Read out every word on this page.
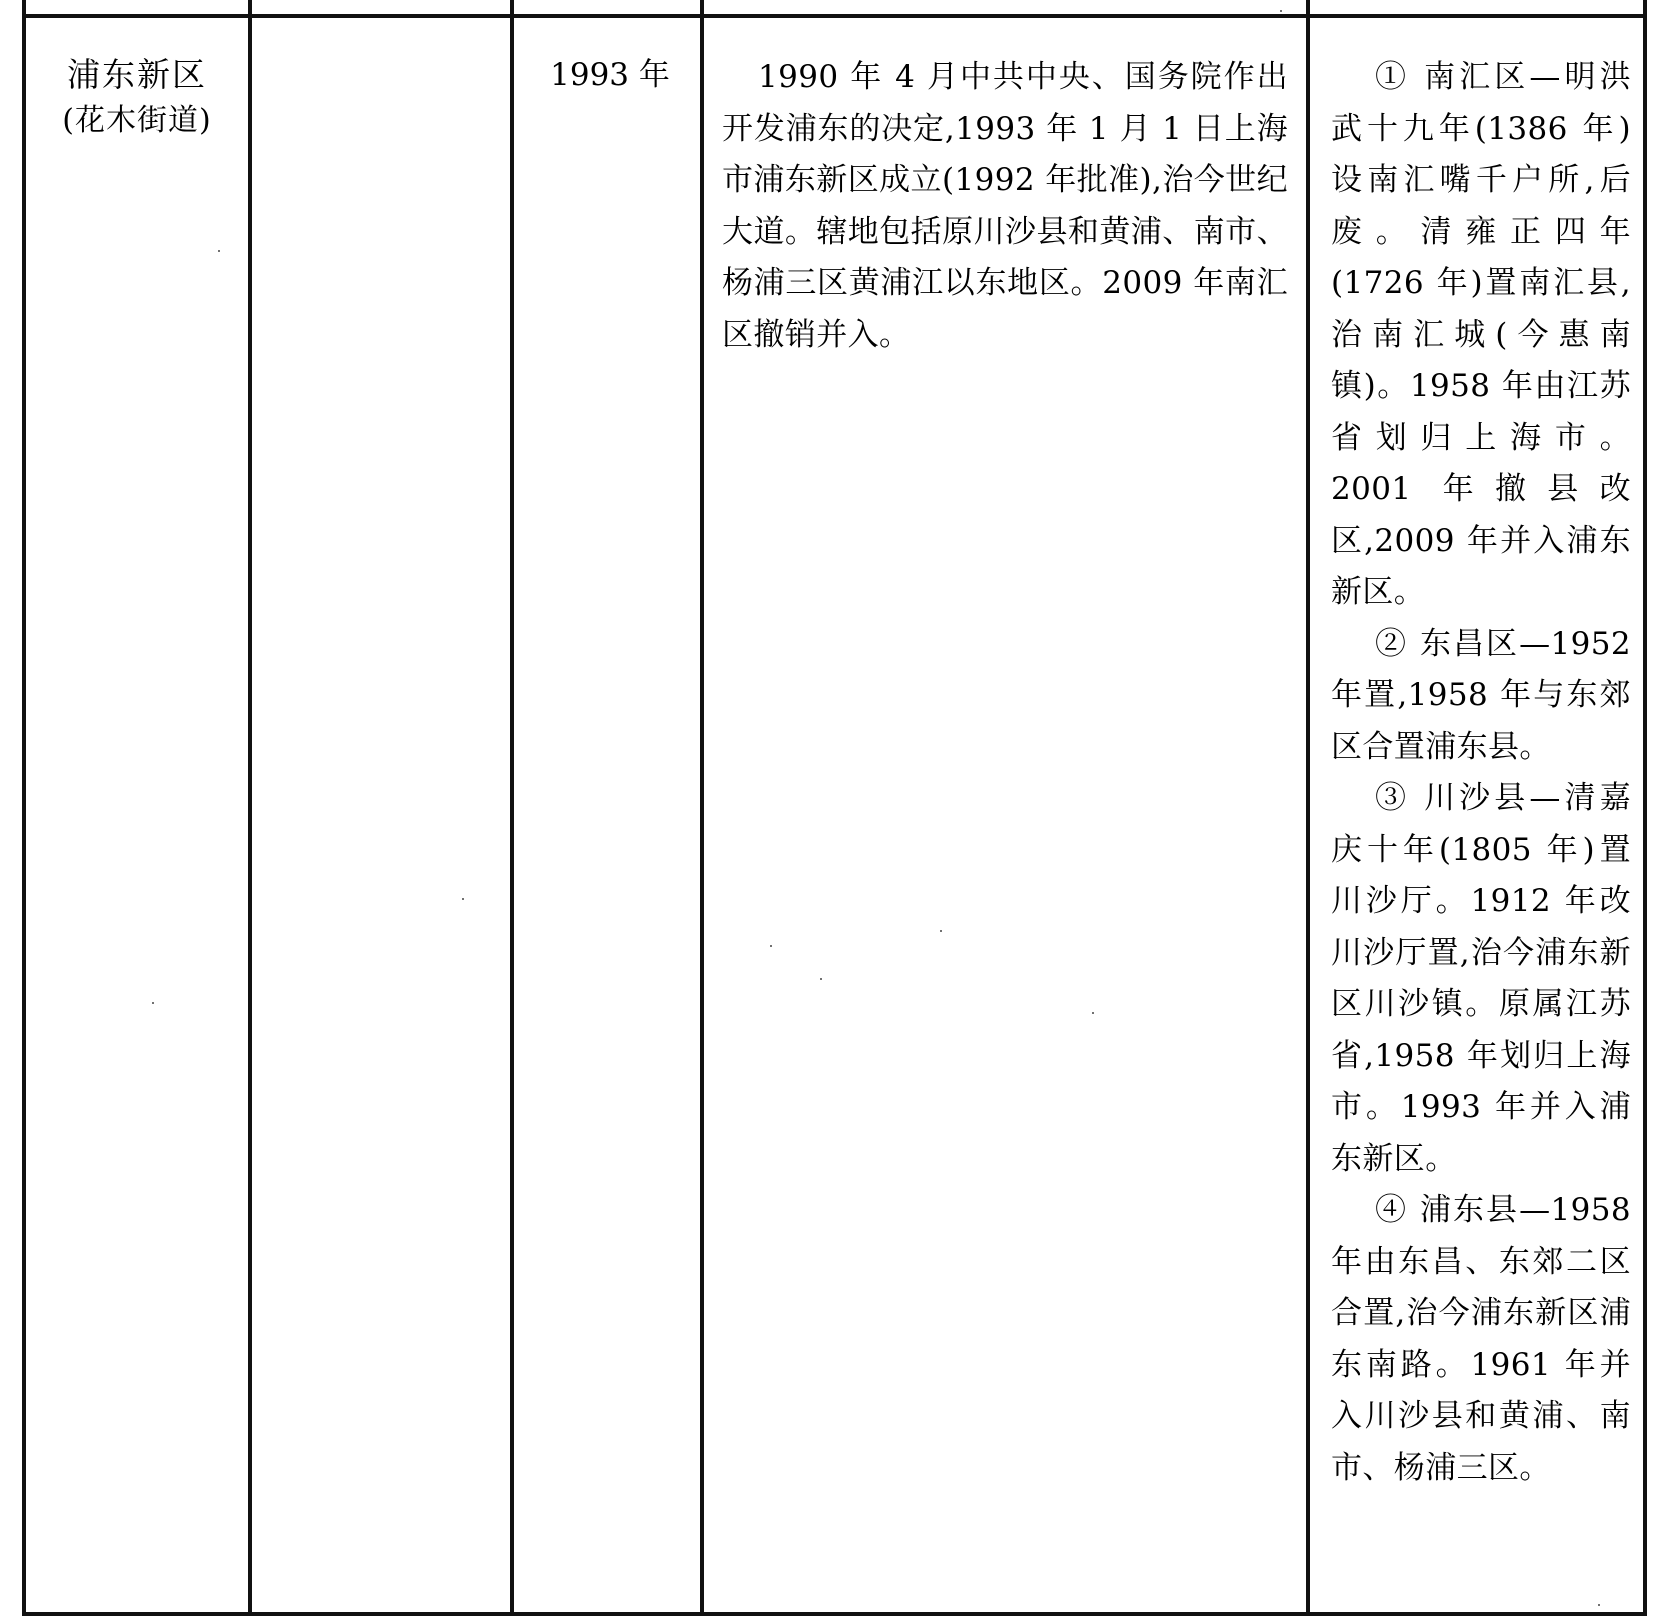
浦东新区
(花木街道)
1993 年	1990 年 4 月中共中央、国务院作出开发浦东的决定,1993 年 1 月 1 日上海市浦东新区成立(1992 年批准),治今世纪大道。辖地包括原川沙县和黄浦、南市、杨浦三区黄浦江以东地区。2009 年南汇区撤销并入。

① 南汇区—明洪武十九年(1386 年)设南汇嘴千户所,后废。清雍正四年(1726 年)置南汇县,治南汇城(今惠南镇)。1958 年由江苏省划归上海市。2001 年撤县改区,2009 年并入浦东新区。

② 东昌区—1952 年置,1958 年与东郊区合置浦东县。

③ 川沙县—清嘉庆十年(1805 年)置川沙厅。1912 年改川沙厅置,治今浦东新区川沙镇。原属江苏省,1958 年划归上海市。1993 年并入浦东新区。

④ 浦东县—1958 年由东昌、东郊二区合置,治今浦东新区浦东南路。1961 年并入川沙县和黄浦、南市、杨浦三区。
